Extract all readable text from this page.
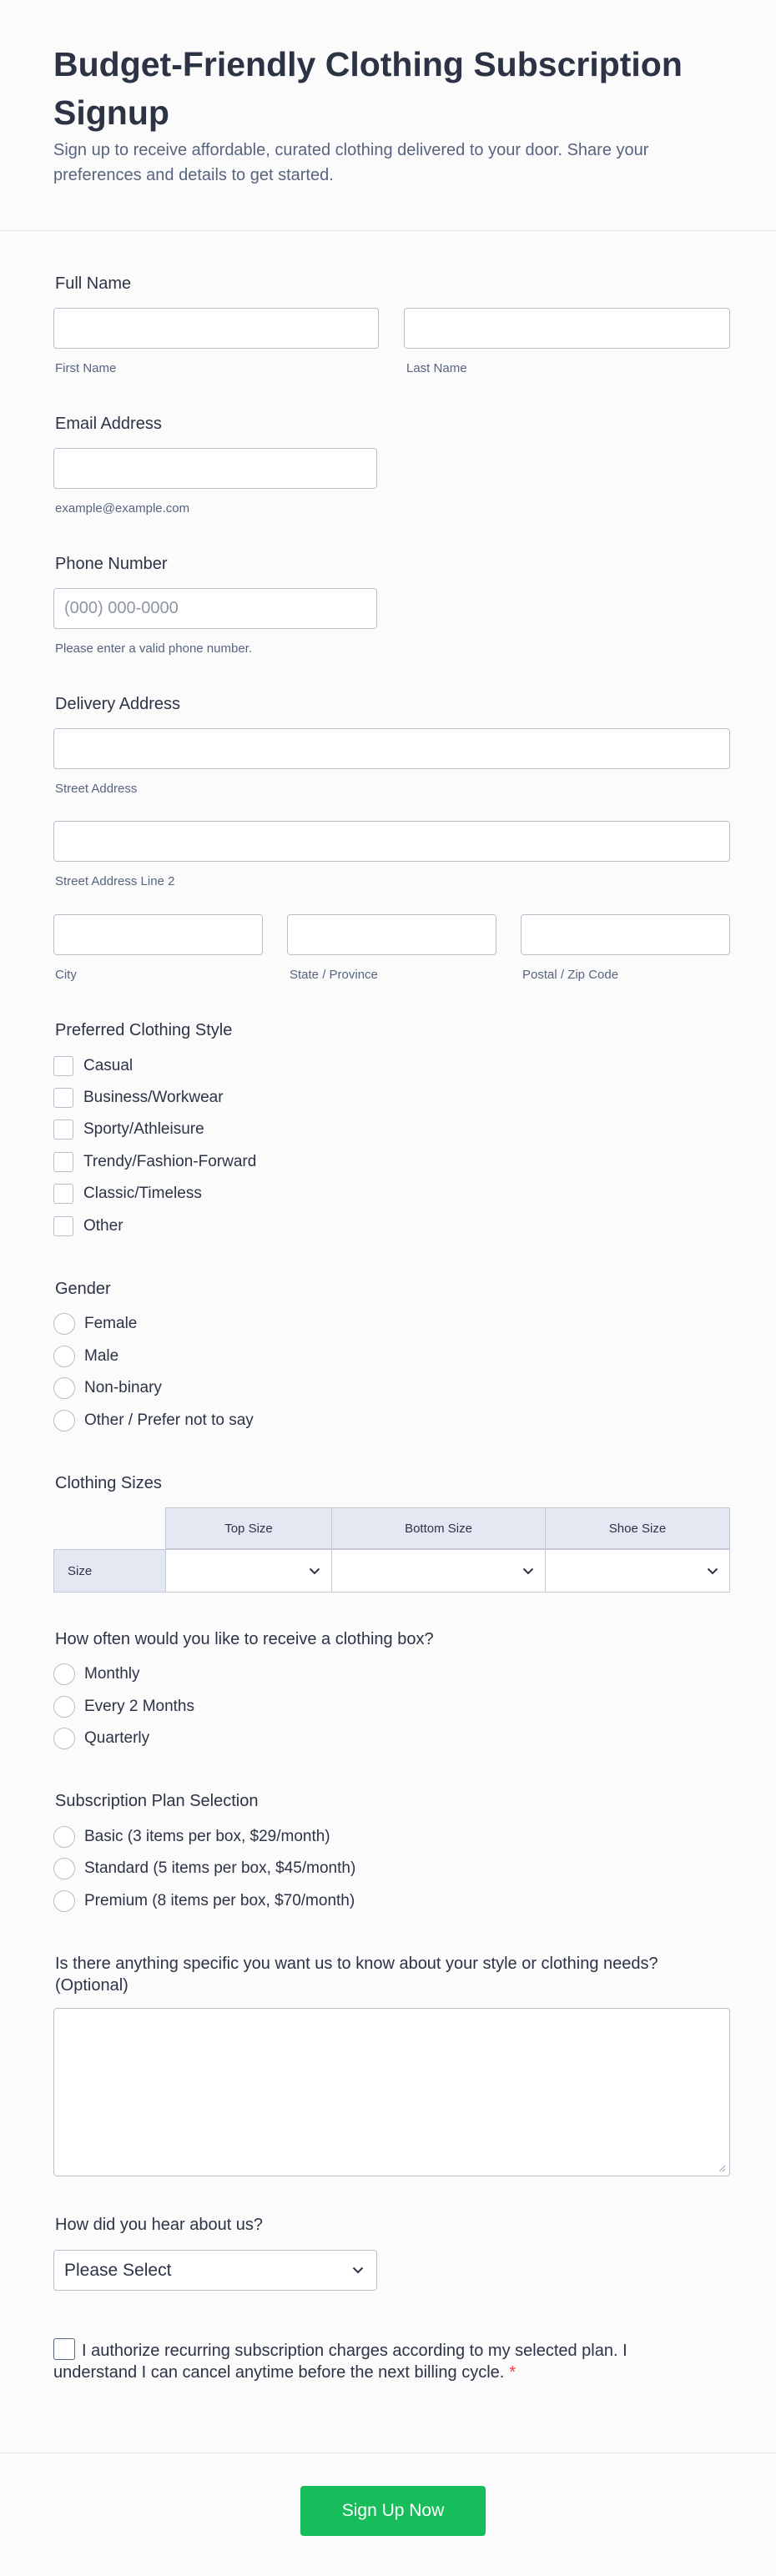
Budget-Friendly Clothing Subscription Signup
Sign up to receive affordable, curated clothing delivered to your door. Share your preferences and details to get started.
Full Name
First Name	Last Name
Email Address
example@example.com
Phone Number
(000) 000-0000
Please enter a valid phone number.
Delivery Address
Street Address
Street Address Line 2
City	State / Province	Postal / Zip Code
Preferred Clothing Style
Casual
Business/Workwear
Sporty/Athleisure
Trendy/Fashion-Forward
Classic/Timeless
Other
Gender
Female
Male
Non-binary
Other / Prefer not to say
Clothing Sizes
Top Size	Bottom Size	Shoe Size
Size
How often would you like to receive a clothing box?
Monthly
Every 2 Months
Quarterly
Subscription Plan Selection
Basic (3 items per box, $29/month)
Standard (5 items per box, $45/month)
Premium (8 items per box, $70/month)
Is there anything specific you want us to know about your style or clothing needs? (Optional)
How did you hear about us?
Please Select
I authorize recurring subscription charges according to my selected plan. I understand I can cancel anytime before the next billing cycle. *
Sign Up Now
